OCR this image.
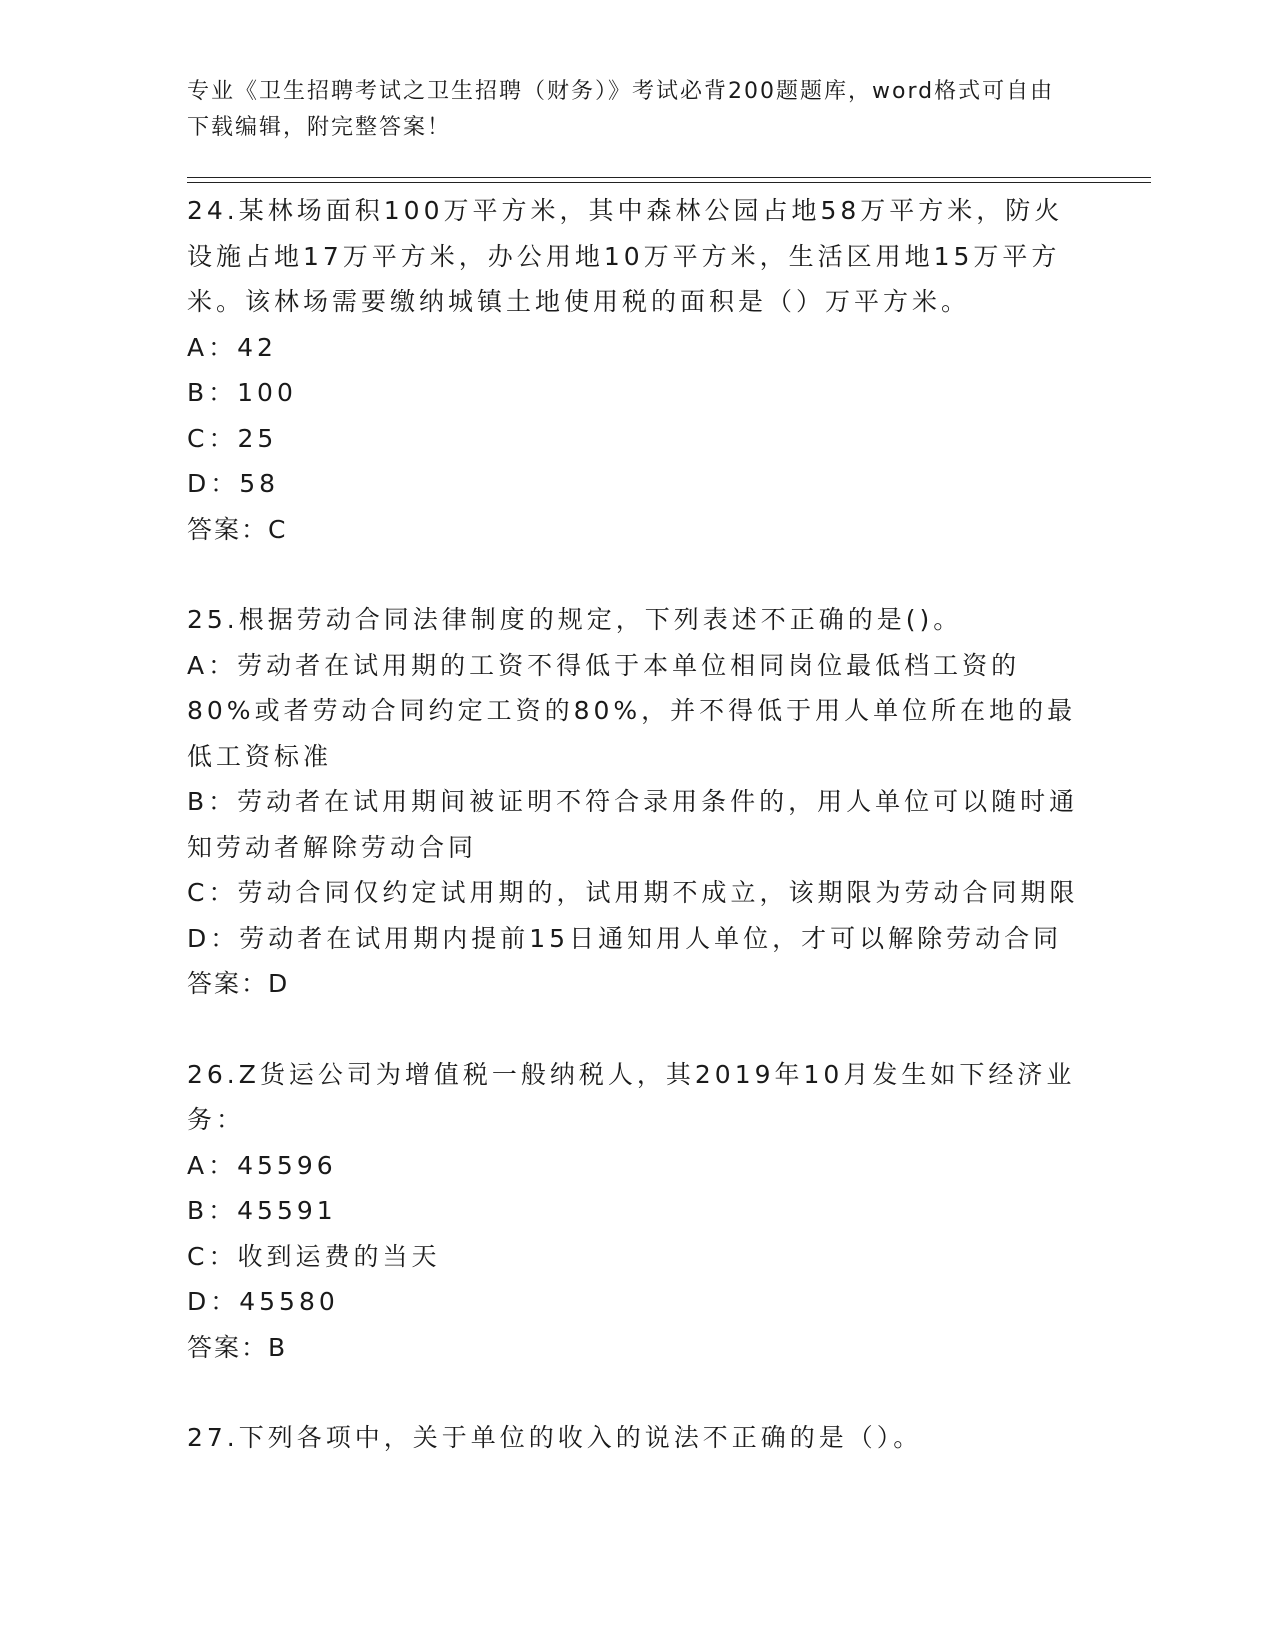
专业《卫生招聘考试之卫生招聘（财务）》考试必背200题题库，word格式可自由下载编辑，附完整答案！

24.某林场面积100万平方米，其中森林公园占地58万平方米，防火设施占地17万平方米，办公用地10万平方米，生活区用地15万平方米。该林场需要缴纳城镇土地使用税的面积是（）万平方米。

A：42

B：100

C：25

D：58

答案：C

25.根据劳动合同法律制度的规定，下列表述不正确的是()。

A：劳动者在试用期的工资不得低于本单位相同岗位最低档工资的80%或者劳动合同约定工资的80%，并不得低于用人单位所在地的最低工资标准

B：劳动者在试用期间被证明不符合录用条件的，用人单位可以随时通知劳动者解除劳动合同

C：劳动合同仅约定试用期的，试用期不成立，该期限为劳动合同期限

D：劳动者在试用期内提前15日通知用人单位，才可以解除劳动合同

答案：D

26.Z货运公司为增值税一般纳税人，其2019年10月发生如下经济业务：

A：45596

B：45591

C：收到运费的当天

D：45580

答案：B

27.下列各项中，关于单位的收入的说法不正确的是（）。
